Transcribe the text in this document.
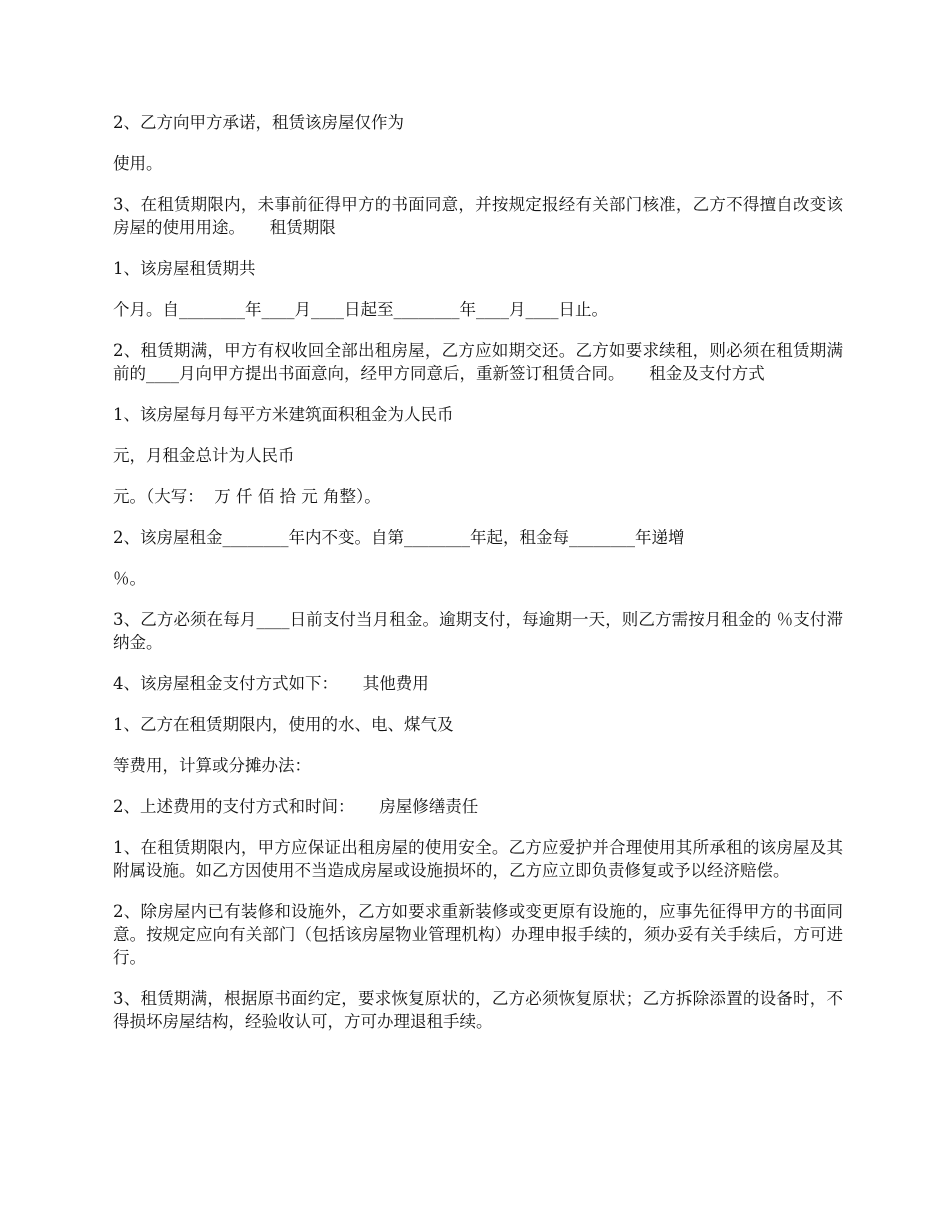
2、乙方向甲方承诺，租赁该房屋仅作为

使用。

3、在租赁期限内，未事前征得甲方的书面同意，并按规定报经有关部门核准，乙方不得擅自改变该房屋的使用用途。　　租赁期限

1、该房屋租赁期共

个月。自________年____月____日起至________年____月____日止。

2、租赁期满，甲方有权收回全部出租房屋，乙方应如期交还。乙方如要求续租，则必须在租赁期满前的____月向甲方提出书面意向，经甲方同意后，重新签订租赁合同。　　租金及支付方式

1、该房屋每月每平方米建筑面积租金为人民币

元，月租金总计为人民币

元。（大写：  万 仟 佰 拾 元 角整）。

2、该房屋租金________年内不变。自第________年起，租金每________年递增

％。

3、乙方必须在每月____日前支付当月租金。逾期支付，每逾期一天，则乙方需按月租金的 ％支付滞纳金。

4、该房屋租金支付方式如下：　　其他费用

1、乙方在租赁期限内，使用的水、电、煤气及

等费用，计算或分摊办法：

2、上述费用的支付方式和时间：　　房屋修缮责任

1、在租赁期限内，甲方应保证出租房屋的使用安全。乙方应爱护并合理使用其所承租的该房屋及其附属设施。如乙方因使用不当造成房屋或设施损坏的，乙方应立即负责修复或予以经济赔偿。

2、除房屋内已有装修和设施外，乙方如要求重新装修或变更原有设施的，应事先征得甲方的书面同意。按规定应向有关部门（包括该房屋物业管理机构）办理申报手续的，须办妥有关手续后，方可进行。

3、租赁期满，根据原书面约定，要求恢复原状的，乙方必须恢复原状；乙方拆除添置的设备时，不得损坏房屋结构，经验收认可，方可办理退租手续。
